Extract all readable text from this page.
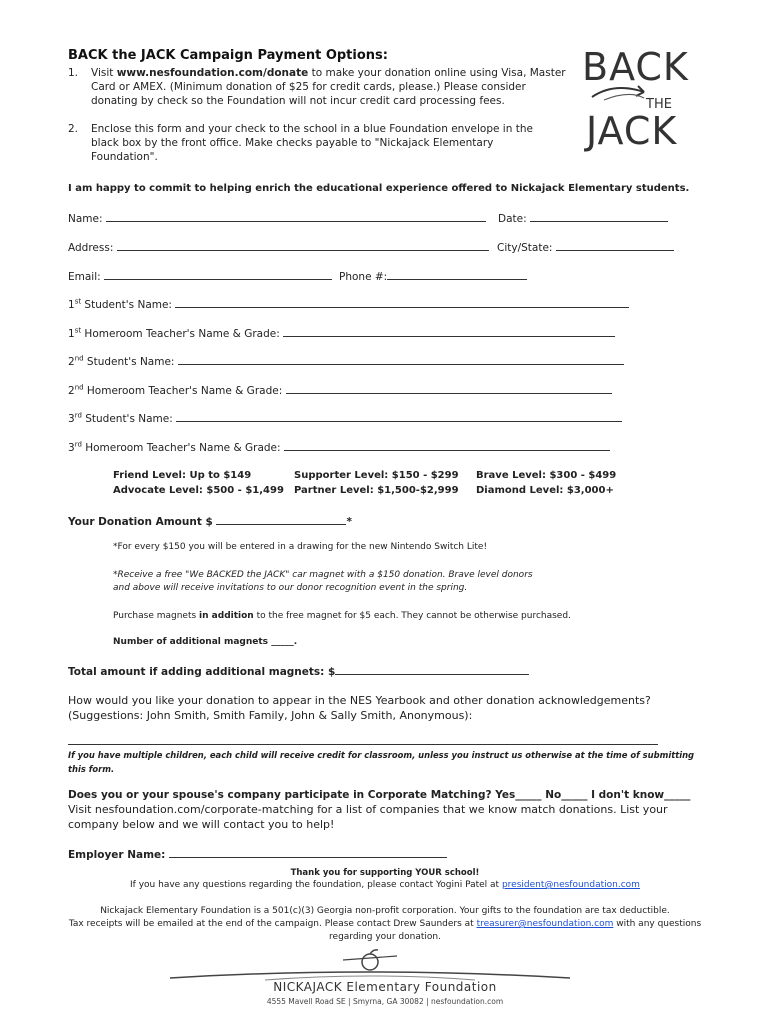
BACK the JACK Campaign Payment Options:	BACK
THE
JACK
1. Visit www.nesfoundation.com/donate to make your donation online using Visa, Master
Card or AMEX. (Minimum donation of $25 for credit cards, please.) Please consider
donating by check so the Foundation will not incur credit card processing fees.
2. Enclose this form and your check to the school in a blue Foundation envelope in the
black box by the front office. Make checks payable to "Nickajack Elementary
Foundation".
I am happy to commit to helping enrich the educational experience offered to Nickajack Elementary students.
Name:	Date:
Address:	City/State:
Email:	Phone #:
1st Student's Name:
1st Homeroom Teacher's Name & Grade:
2nd Student's Name:
2nd Homeroom Teacher's Name & Grade:
3rd Student's Name:
3rd Homeroom Teacher's Name & Grade:
Friend Level: Up to $149	Supporter Level: $150 - $299 Brave Level: $300 - $499
Advocate Level: $500 - $1,499 Partner Level: $1,500-$2,999 Diamond Level: $3,000+
Your Donation Amount $	*
*For every $150 you will be entered in a drawing for the new Nintendo Switch Lite!
*Receive a free "We BACKED the JACK" car magnet with a $150 donation. Brave level donors
and above will receive invitations to our donor recognition event in the spring.
Purchase magnets in addition to the free magnet for $5 each. They cannot be otherwise purchased.
Number of additional magnets _____.
Total amount if adding additional magnets: $
How would you like your donation to appear in the NES Yearbook and other donation acknowledgements?
(Suggestions: John Smith, Smith Family, John & Sally Smith, Anonymous):
If you have multiple children, each child will receive credit for classroom, unless you instruct us otherwise at the time of submitting
this form.
Does you or your spouse's company participate in Corporate Matching? Yes_____ No_____ I don't know_____
Visit nesfoundation.com/corporate-matching for a list of companies that we know match donations. List your
company below and we will contact you to help!
Employer Name:
Thank you for supporting YOUR school!
If you have any questions regarding the foundation, please contact Yogini Patel at president@nesfoundation.com
Nickajack Elementary Foundation is a 501(c)(3) Georgia non-profit corporation. Your gifts to the foundation are tax deductible.
Tax receipts will be emailed at the end of the campaign. Please contact Drew Saunders at treasurer@nesfoundation.com with any questions
regarding your donation.
NICKAJACK Elementary Foundation
4555 Mavell Road SE | Smyrna, GA 30082 | nesfoundation.com
